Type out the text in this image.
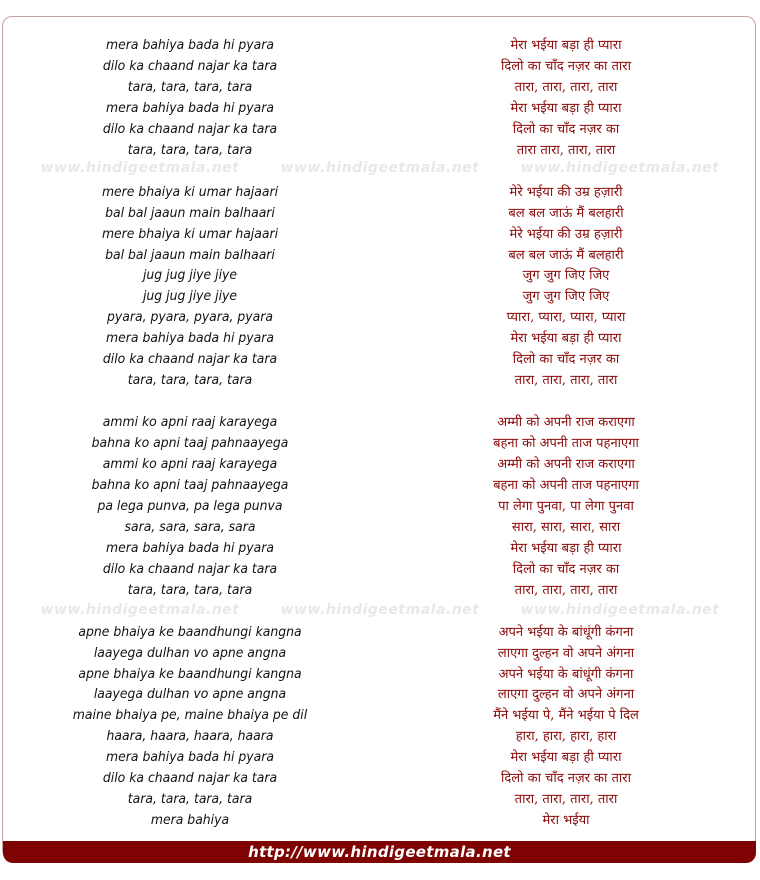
www.hindigeetmala.net	www.hindigeetmala.net	www.hindigeetmala.net
www.hindigeetmala.net	www.hindigeetmala.net	www.hindigeetmala.net
mera bahiya bada hi pyara
dilo ka chaand najar ka tara
tara, tara, tara, tara
mera bahiya bada hi pyara
dilo ka chaand najar ka tara
tara, tara, tara, tara
mere bhaiya ki umar hajaari
bal bal jaaun main balhaari
mere bhaiya ki umar hajaari
bal bal jaaun main balhaari
jug jug jiye jiye
jug jug jiye jiye
pyara, pyara, pyara, pyara
mera bahiya bada hi pyara
dilo ka chaand najar ka tara
tara, tara, tara, tara
ammi ko apni raaj karayega
bahna ko apni taaj pahnaayega
ammi ko apni raaj karayega
bahna ko apni taaj pahnaayega
pa lega punva, pa lega punva
sara, sara, sara, sara
mera bahiya bada hi pyara
dilo ka chaand najar ka tara
tara, tara, tara, tara
apne bhaiya ke baandhungi kangna
laayega dulhan vo apne angna
apne bhaiya ke baandhungi kangna
laayega dulhan vo apne angna
maine bhaiya pe, maine bhaiya pe dil
haara, haara, haara, haara
mera bahiya bada hi pyara
dilo ka chaand najar ka tara
tara, tara, tara, tara
mera bahiya
मेरा भईया बड़ा ही प्यारा
दिलो का चाँद नज़र का तारा
तारा, तारा, तारा, तारा
मेरा भईया बड़ा ही प्यारा
दिलो का चाँद नज़र का
तारा तारा, तारा, तारा
मेरे भईया की उम्र हज़ारी
बल बल जाऊं मैं बलहारी
मेरे भईया की उम्र हज़ारी
बल बल जाऊं मैं बलहारी
जुग जुग जिए जिए
जुग जुग जिए जिए
प्यारा, प्यारा, प्यारा, प्यारा
मेरा भईया बड़ा ही प्यारा
दिलो का चाँद नज़र का
तारा, तारा, तारा, तारा
अम्मी को अपनी राज कराएगा
बहना को अपनी ताज पहनाएगा
अम्मी को अपनी राज कराएगा
बहना को अपनी ताज पहनाएगा
पा लेगा पुनवा, पा लेगा पुनवा
सारा, सारा, सारा, सारा
मेरा भईया बड़ा ही प्यारा
दिलो का चाँद नज़र का
तारा, तारा, तारा, तारा
अपने भईया के बांधूंगी कंगना
लाएगा दुल्हन वो अपने अंगना
अपने भईया के बांधूंगी कंगना
लाएगा दुल्हन वो अपने अंगना
मैंने भईया पे, मैंने भईया पे दिल
हारा, हारा, हारा, हारा
मेरा भईया बड़ा ही प्यारा
दिलो का चाँद नज़र का तारा
तारा, तारा, तारा, तारा
मेरा भईया
http://www.hindigeetmala.net
